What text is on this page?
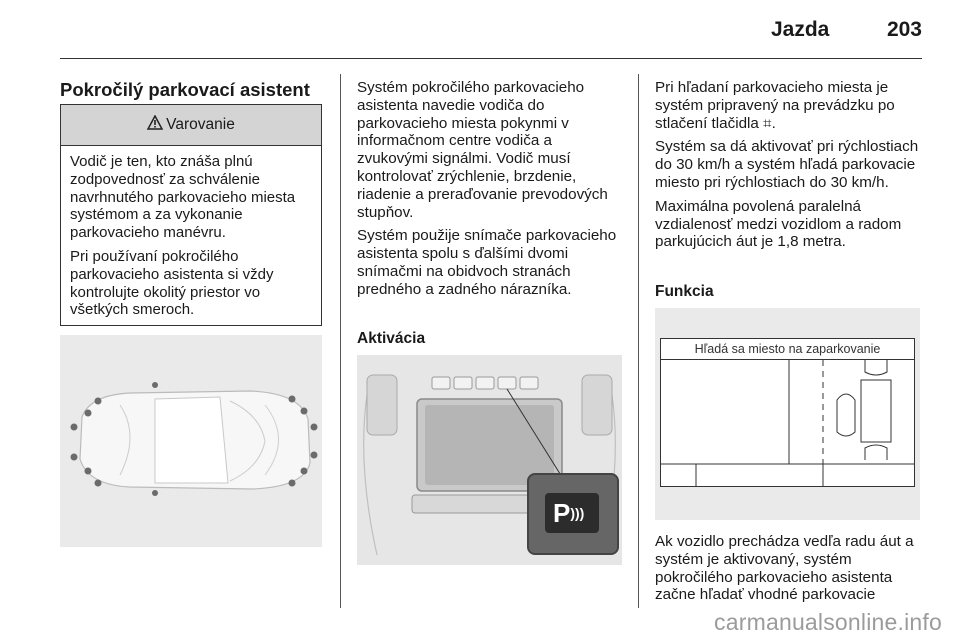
Jazda	203
Pokročilý parkovací asistent
Varovanie

Vodič je ten, kto znáša plnú zodpovednosť za schválenie navrhnutého parkovacieho miesta systémom a za vykonanie parkovacieho manévru.

Pri používaní pokročilého parkovacieho asistenta si vždy kontrolujte okolitý priestor vo všetkých smeroch.

Systém pokročilého parkovacieho asistenta navedie vodiča do parkovacieho miesta pokynmi v informačnom centre vodiča a zvukovými signálmi. Vodič musí kontrolovať zrýchlenie, brzdenie, riadenie a preraďovanie prevodových stupňov.

Systém použije snímače parkovacieho asistenta spolu s ďalšími dvomi snímačmi na obidvoch stranách predného a zadného nárazníka.

Aktivácia
P)))

Pri hľadaní parkovacieho miesta je systém pripravený na prevádzku po stlačení tlačidla ⌗.

Systém sa dá aktivovať pri rýchlostiach do 30 km/h a systém hľadá parkovacie miesto pri rýchlostiach do 30 km/h.

Maximálna povolená paralelná vzdialenosť medzi vozidlom a radom parkujúcich áut je 1,8 metra.

Funkcia
Hľadá sa miesto na zaparkovanie

Ak vozidlo prechádza vedľa radu áut a systém je aktivovaný, systém pokročilého parkovacieho asistenta začne hľadať vhodné parkovacie

carmanualsonline.info
